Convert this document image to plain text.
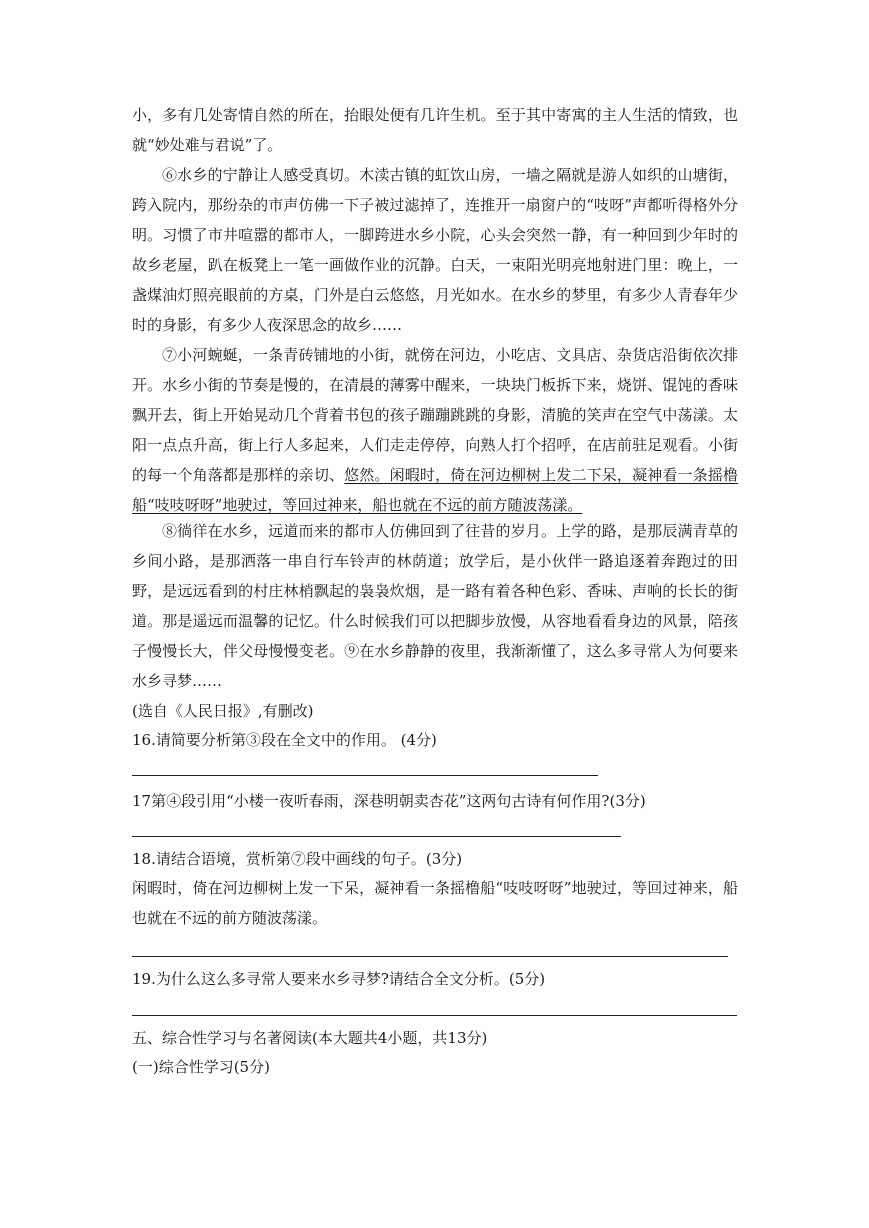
小，多有几处寄情自然的所在，抬眼处便有几许生机。至于其中寄寓的主人生活的情致，也就“妙处难与君说”了。

⑥水乡的宁静让人感受真切。木渎古镇的虹饮山房，一墙之隔就是游人如织的山塘街，跨入院内，那纷杂的市声仿佛一下子被过滤掉了，连推开一扇窗户的“吱呀”声都听得格外分明。习惯了市井喧嚣的都市人，一脚跨进水乡小院，心头会突然一静，有一种回到少年时的故乡老屋，趴在板凳上一笔一画做作业的沉静。白天，一束阳光明亮地射进门里：晚上，一盏煤油灯照亮眼前的方桌，门外是白云悠悠，月光如水。在水乡的梦里，有多少人青春年少时的身影，有多少人夜深思念的故乡……

⑦小河蜿蜒，一条青砖铺地的小街，就傍在河边，小吃店、文具店、杂货店沿街依次排开。水乡小街的节奏是慢的，在清晨的薄雾中醒来，一块块门板拆下来，烧饼、馄饨的香味飘开去，街上开始晃动几个背着书包的孩子蹦蹦跳跳的身影，清脆的笑声在空气中荡漾。太阳一点点升高，街上行人多起来，人们走走停停，向熟人打个招呼，在店前驻足观看。小街的每一个角落都是那样的亲切、悠然。闲暇时，倚在河边柳树上发二下呆，凝神看一条摇橹船“吱吱呀呀”地驶过，等回过神来，船也就在不远的前方随波荡漾。

⑧徜徉在水乡，远道而来的都市人仿佛回到了往昔的岁月。上学的路，是那辰满青草的乡间小路，是那洒落一串自行车铃声的林荫道；放学后，是小伙伴一路追逐着奔跑过的田野，是远远看到的村庄林梢飘起的袅袅炊烟，是一路有着各种色彩、香味、声响的长长的街道。那是遥远而温馨的记忆。什么时候我们可以把脚步放慢，从容地看看身边的风景，陪孩子慢慢长大，伴父母慢慢变老。⑨在水乡静静的夜里，我渐渐懂了，这么多寻常人为何要来水乡寻梦……

(选自《人民日报》,有删改)

16.请简要分析第③段在全文中的作用。 (4分)

17第④段引用“小楼一夜听春雨，深巷明朝卖杏花”这两句古诗有何作用?(3分)

18.请结合语境，赏析第⑦段中画线的句子。(3分)

闲暇时，倚在河边柳树上发一下呆，凝神看一条摇橹船“吱吱呀呀”地驶过，等回过神来，船也就在不远的前方随波荡漾。

19.为什么这么多寻常人要来水乡寻梦?请结合全文分析。(5分)

五、综合性学习与名著阅读(本大题共4小题，共13分)

(一)综合性学习(5分)
